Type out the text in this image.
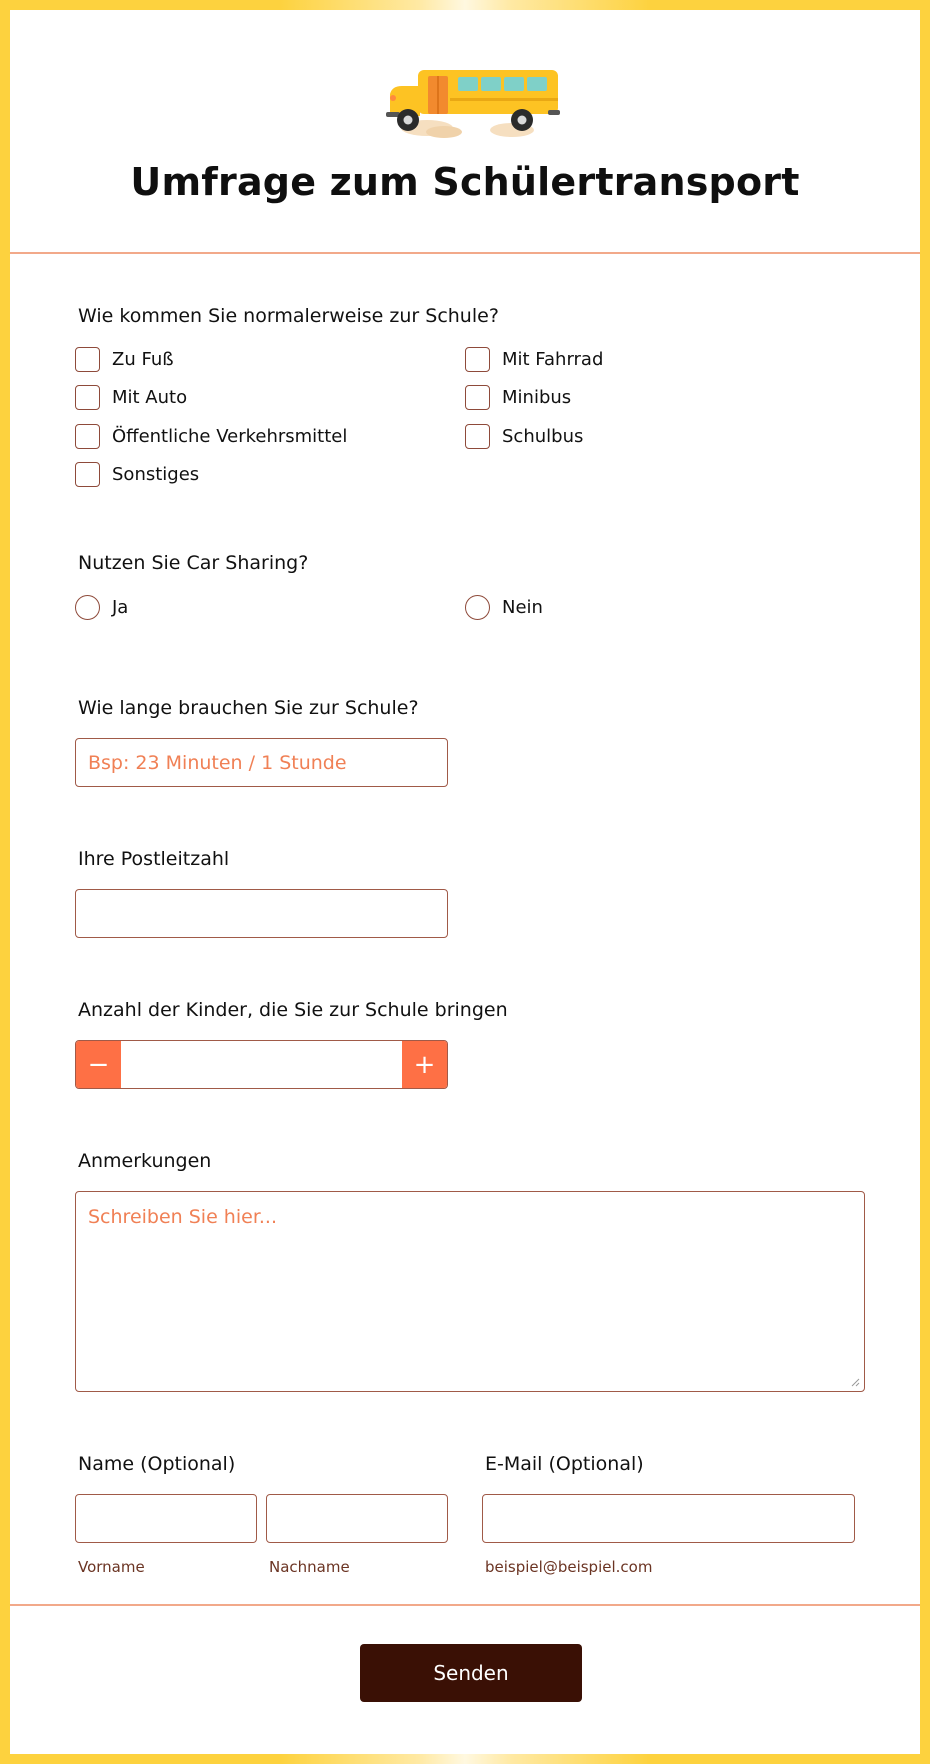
Umfrage zum Schülertransport
Wie kommen Sie normalerweise zur Schule?
Zu Fuß	Mit Fahrrad
Mit Auto	Minibus
Öffentliche Verkehrsmittel	Schulbus
Sonstiges
Nutzen Sie Car Sharing?
Ja	Nein
Wie lange brauchen Sie zur Schule?
Bsp: 23 Minuten / 1 Stunde
Ihre Postleitzahl
Anzahl der Kinder, die Sie zur Schule bringen
−	+
Anmerkungen
Schreiben Sie hier...
Name (Optional)	E-Mail (Optional)
Vorname	Nachname	beispiel@beispiel.com
Senden
